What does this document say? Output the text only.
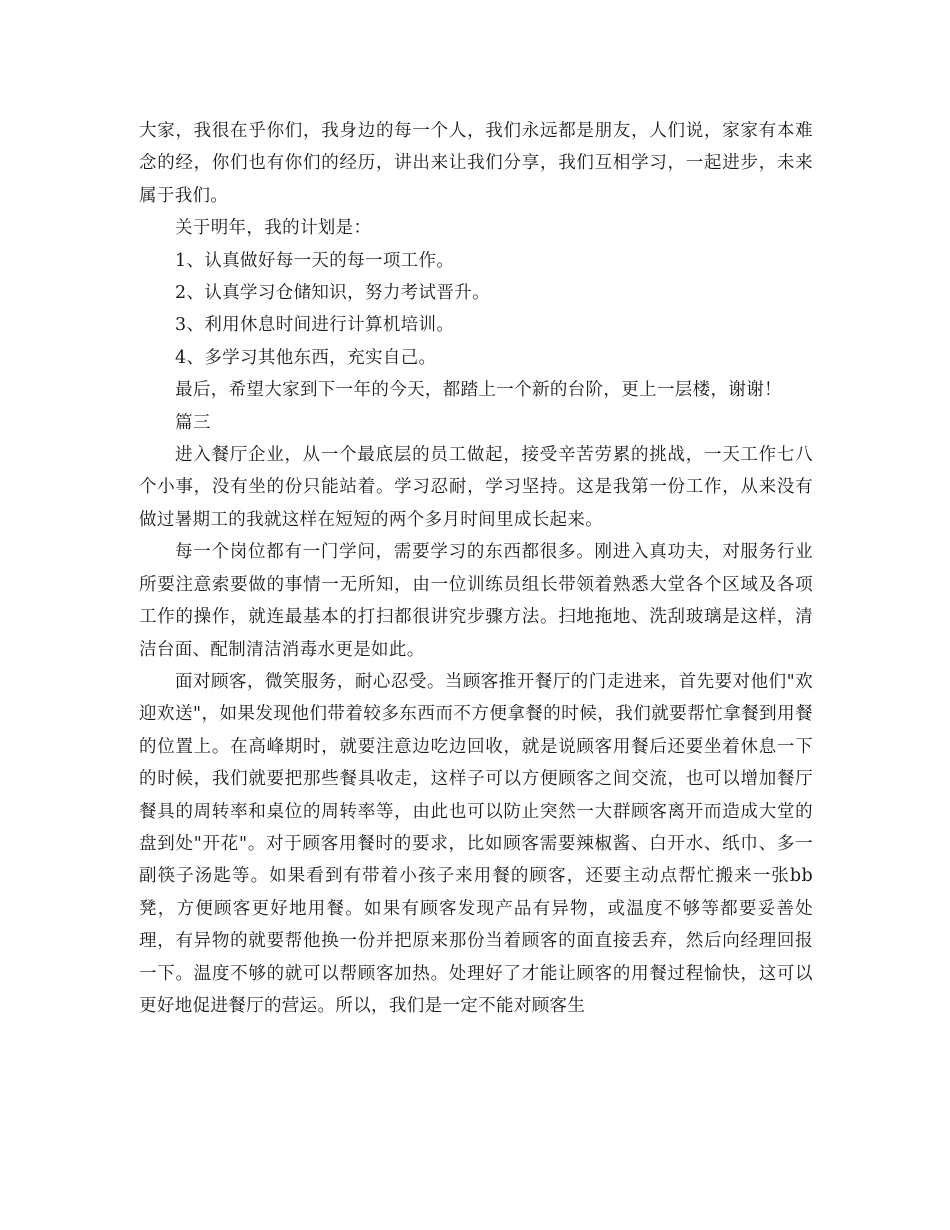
大家，我很在乎你们，我身边的每一个人，我们永远都是朋友，人们说，家家有本难念的经，你们也有你们的经历，讲出来让我们分享，我们互相学习，一起进步，未来属于我们。

关于明年，我的计划是：

1、认真做好每一天的每一项工作。

2、认真学习仓储知识，努力考试晋升。

3、利用休息时间进行计算机培训。

4、多学习其他东西，充实自己。

最后，希望大家到下一年的今天，都踏上一个新的台阶，更上一层楼，谢谢！

篇三

进入餐厅企业，从一个最底层的员工做起，接受辛苦劳累的挑战，一天工作七八个小事，没有坐的份只能站着。学习忍耐，学习坚持。这是我第一份工作，从来没有做过暑期工的我就这样在短短的两个多月时间里成长起来。

每一个岗位都有一门学问，需要学习的东西都很多。刚进入真功夫，对服务行业所要注意索要做的事情一无所知，由一位训练员组长带领着熟悉大堂各个区域及各项工作的操作，就连最基本的打扫都很讲究步骤方法。扫地拖地、洗刮玻璃是这样，清洁台面、配制清洁消毒水更是如此。

面对顾客，微笑服务，耐心忍受。当顾客推开餐厅的门走进来，首先要对他们"欢迎欢送"，如果发现他们带着较多东西而不方便拿餐的时候，我们就要帮忙拿餐到用餐的位置上。在高峰期时，就要注意边吃边回收，就是说顾客用餐后还要坐着休息一下的时候，我们就要把那些餐具收走，这样子可以方便顾客之间交流，也可以增加餐厅餐具的周转率和桌位的周转率等，由此也可以防止突然一大群顾客离开而造成大堂的盘到处"开花"。对于顾客用餐时的要求，比如顾客需要辣椒酱、白开水、纸巾、多一副筷子汤匙等。如果看到有带着小孩子来用餐的顾客，还要主动点帮忙搬来一张bb凳，方便顾客更好地用餐。如果有顾客发现产品有异物，或温度不够等都要妥善处理，有异物的就要帮他换一份并把原来那份当着顾客的面直接丢弃，然后向经理回报一下。温度不够的就可以帮顾客加热。处理好了才能让顾客的用餐过程愉快，这可以更好地促进餐厅的营运。所以，我们是一定不能对顾客生
